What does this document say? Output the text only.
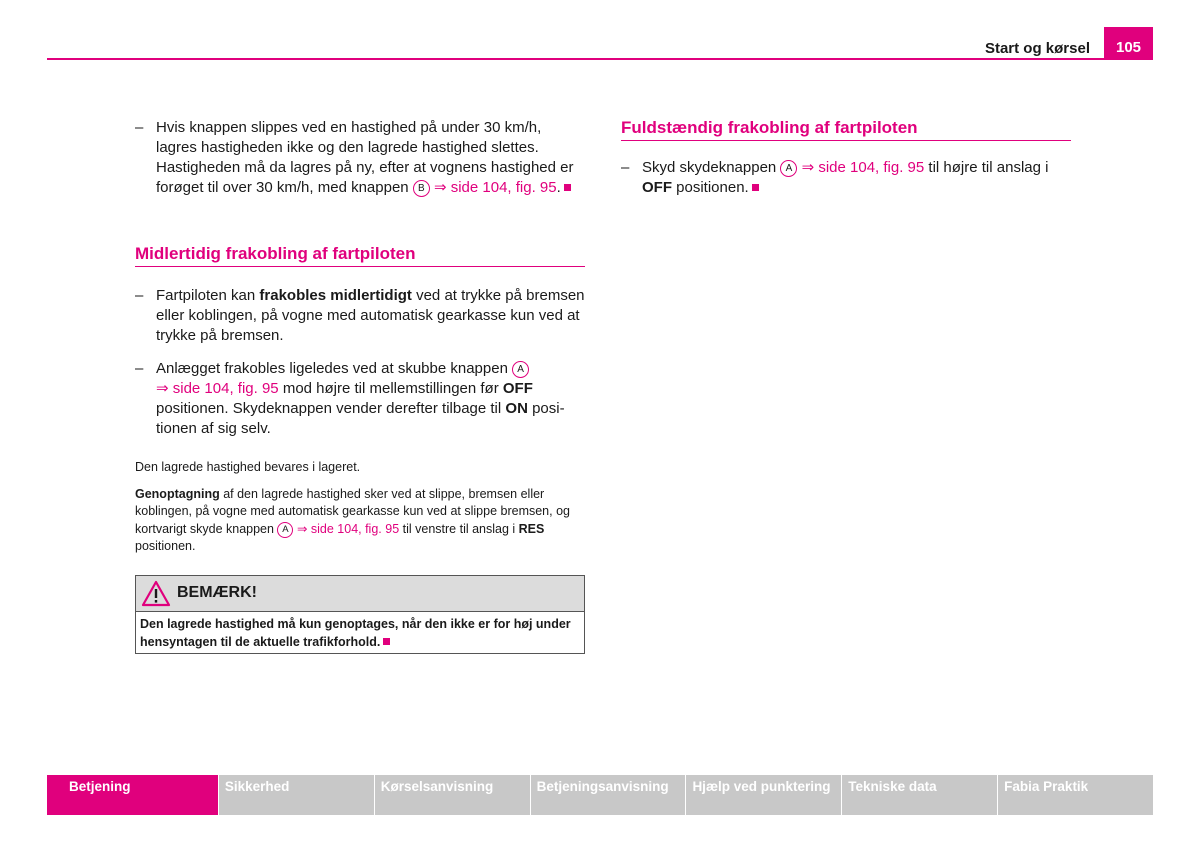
Start og kørsel	105

– Hvis knappen slippes ved en hastighed på under 30 km/h, lagres hastigheden ikke og den lagrede hastighed slettes. Hastigheden må da lagres på ny, efter at vognens hastighed er forøget til over 30 km/h, med knappen B ⇒ side 104, fig. 95.

Midlertidig frakobling af fartpiloten

– Fartpiloten kan frakobles midlertidigt ved at trykke på bremsen eller koblingen, på vogne med automatisk gearkasse kun ved at trykke på bremsen.

– Anlægget frakobles ligeledes ved at skubbe knappen A
⇒ side 104, fig. 95 mod højre til mellemstillingen før OFF positionen. Skydeknappen vender derefter tilbage til ON positionen af sig selv.

Den lagrede hastighed bevares i lageret.

Genoptagning af den lagrede hastighed sker ved at slippe, bremsen eller koblingen, på vogne med automatisk gearkasse kun ved at slippe bremsen, og kortvarigt skyde knappen A ⇒ side 104, fig. 95 til venstre til anslag i RES positionen.

BEMÆRK!
Den lagrede hastighed må kun genoptages, når den ikke er for høj under hensyntagen til de aktuelle trafikforhold.
Fuldstændig frakobling af fartpiloten

– Skyd skydeknappen A ⇒ side 104, fig. 95 til højre til anslag i OFF positionen.

Betjening	Sikkerhed	Kørselsanvisning	Betjeningsanvisning	Hjælp ved punktering	Tekniske data	Fabia Praktik
